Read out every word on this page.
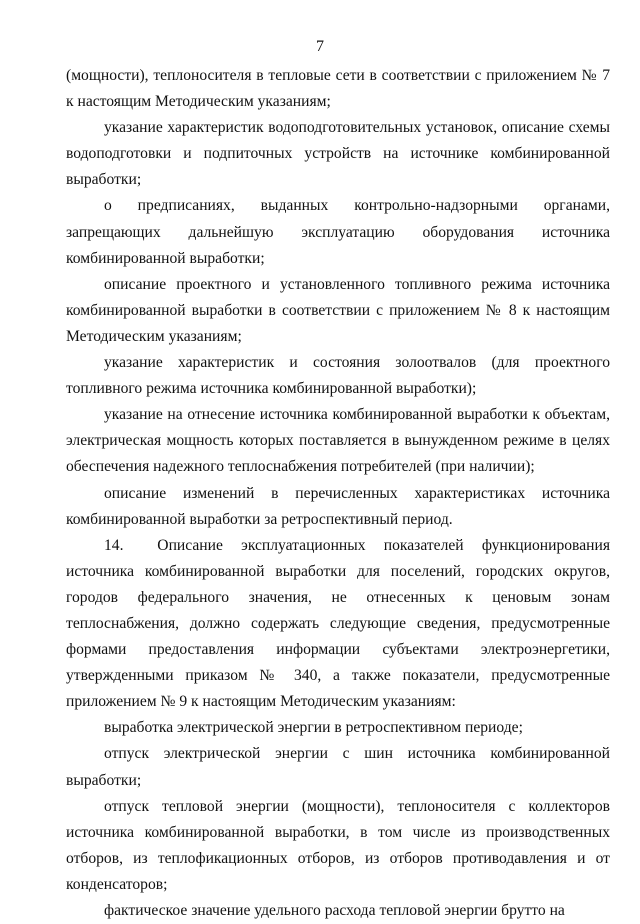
7

(мощности), теплоносителя в тепловые сети в соответствии с приложением № 7 к настоящим Методическим указаниям;

указание характеристик водоподготовительных установок, описание схемы водоподготовки и подпиточных устройств на источнике комбинированной выработки;

о предписаниях, выданных контрольно-надзорными органами, запрещающих дальнейшую эксплуатацию оборудования источника комбинированной выработки;

описание проектного и установленного топливного режима источника комбинированной выработки в соответствии с приложением № 8 к настоящим Методическим указаниям;

указание характеристик и состояния золоотвалов (для проектного топливного режима источника комбинированной выработки);

указание на отнесение источника комбинированной выработки к объектам, электрическая мощность которых поставляется в вынужденном режиме в целях обеспечения надежного теплоснабжения потребителей (при наличии);

описание изменений в перечисленных характеристиках источника комбинированной выработки за ретроспективный период.

14.  Описание эксплуатационных показателей функционирования источника комбинированной выработки для поселений, городских округов, городов федерального значения, не отнесенных к ценовым зонам теплоснабжения, должно содержать следующие сведения, предусмотренные формами предоставления информации субъектами электроэнергетики, утвержденными приказом № 340, а также показатели, предусмотренные приложением № 9 к настоящим Методическим указаниям:

выработка электрической энергии в ретроспективном периоде;

отпуск электрической энергии с шин источника комбинированной выработки;

отпуск тепловой энергии (мощности), теплоносителя с коллекторов источника комбинированной выработки, в том числе из производственных отборов, из теплофикационных отборов, из отборов противодавления и от конденсаторов;

фактическое значение удельного расхода тепловой энергии брутто на
